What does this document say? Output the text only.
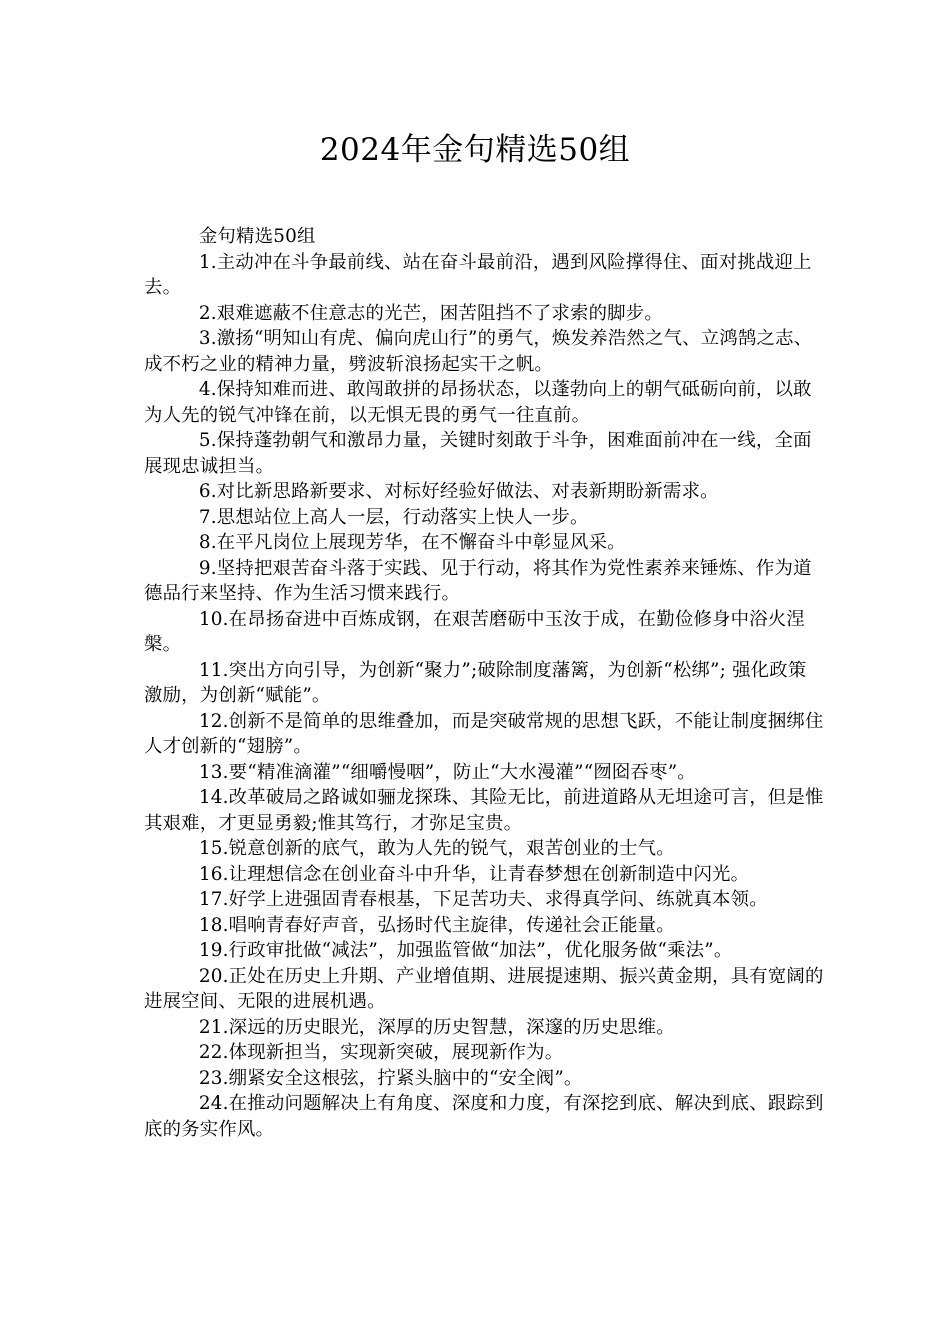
2024年金句精选50组

金句精选50组

1.主动冲在斗争最前线、站在奋斗最前沿，遇到风险撑得住、面对挑战迎上去。

2.艰难遮蔽不住意志的光芒，困苦阻挡不了求索的脚步。

3.激扬“明知山有虎、偏向虎山行”的勇气，焕发养浩然之气、立鸿鹄之志、成不朽之业的精神力量，劈波斩浪扬起实干之帆。

4.保持知难而进、敢闯敢拼的昂扬状态，以蓬勃向上的朝气砥砺向前，以敢为人先的锐气冲锋在前，以无惧无畏的勇气一往直前。

5.保持蓬勃朝气和激昂力量，关键时刻敢于斗争，困难面前冲在一线，全面展现忠诚担当。

6.对比新思路新要求、对标好经验好做法、对表新期盼新需求。

7.思想站位上高人一层，行动落实上快人一步。

8.在平凡岗位上展现芳华，在不懈奋斗中彰显风采。

9.坚持把艰苦奋斗落于实践、见于行动，将其作为党性素养来锤炼、作为道德品行来坚持、作为生活习惯来践行。

10.在昂扬奋进中百炼成钢，在艰苦磨砺中玉汝于成，在勤俭修身中浴火涅槃。

11.突出方向引导，为创新“聚力”;破除制度藩篱，为创新“松绑”; 强化政策激励，为创新“赋能”。

12.创新不是简单的思维叠加，而是突破常规的思想飞跃，不能让制度捆绑住人才创新的“翅膀”。

13.要“精准滴灌”“细嚼慢咽”，防止“大水漫灌”“囫囵吞枣”。

14.改革破局之路诚如骊龙探珠、其险无比，前进道路从无坦途可言，但是惟其艰难，才更显勇毅;惟其笃行，才弥足宝贵。

15.锐意创新的底气，敢为人先的锐气，艰苦创业的士气。

16.让理想信念在创业奋斗中升华，让青春梦想在创新制造中闪光。

17.好学上进强固青春根基，下足苦功夫、求得真学问、练就真本领。

18.唱响青春好声音，弘扬时代主旋律，传递社会正能量。

19.行政审批做“减法”，加强监管做“加法”，优化服务做“乘法”。

20.正处在历史上升期、产业增值期、进展提速期、振兴黄金期，具有宽阔的进展空间、无限的进展机遇。

21.深远的历史眼光，深厚的历史智慧，深邃的历史思维。

22.体现新担当，实现新突破，展现新作为。

23.绷紧安全这根弦，拧紧头脑中的“安全阀”。

24.在推动问题解决上有角度、深度和力度，有深挖到底、解决到底、跟踪到底的务实作风。
